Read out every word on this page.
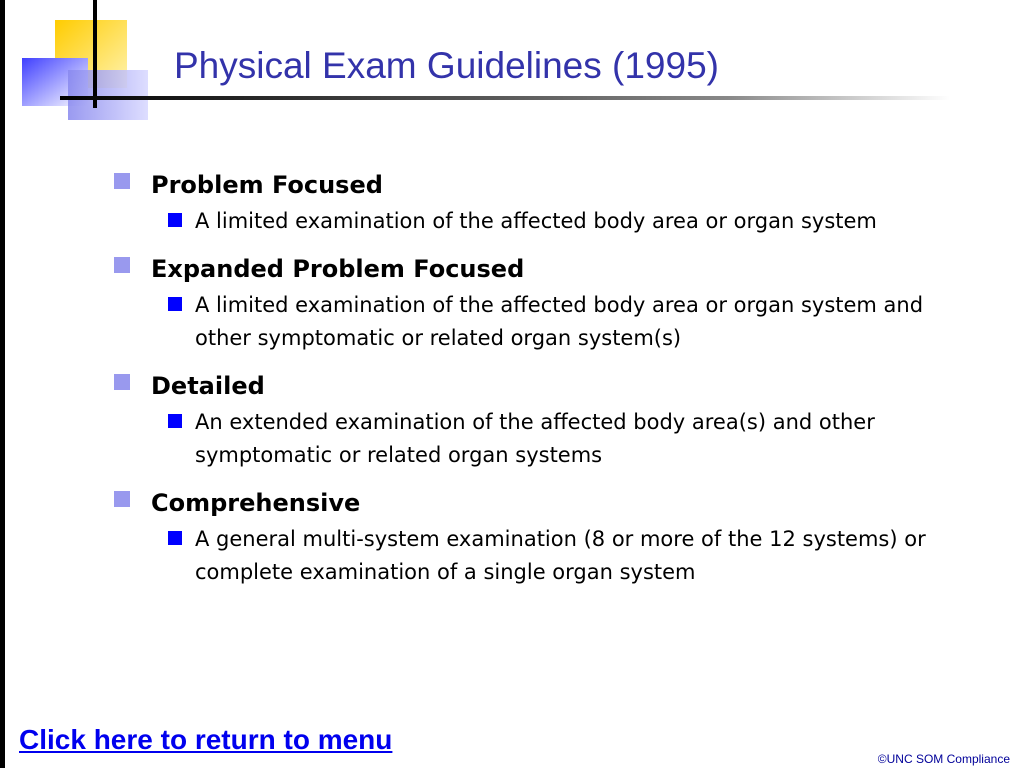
Physical Exam Guidelines (1995)
Problem Focused
A limited examination of the affected body area or organ system
Expanded Problem Focused
A limited examination of the affected body area or organ system and other symptomatic or related organ system(s)
Detailed
An extended examination of the affected body area(s) and other symptomatic or related organ systems
Comprehensive
A general multi-system examination (8 or more of the 12 systems) or complete examination of a single organ system
Click here to return to menu
©UNC SOM Compliance
